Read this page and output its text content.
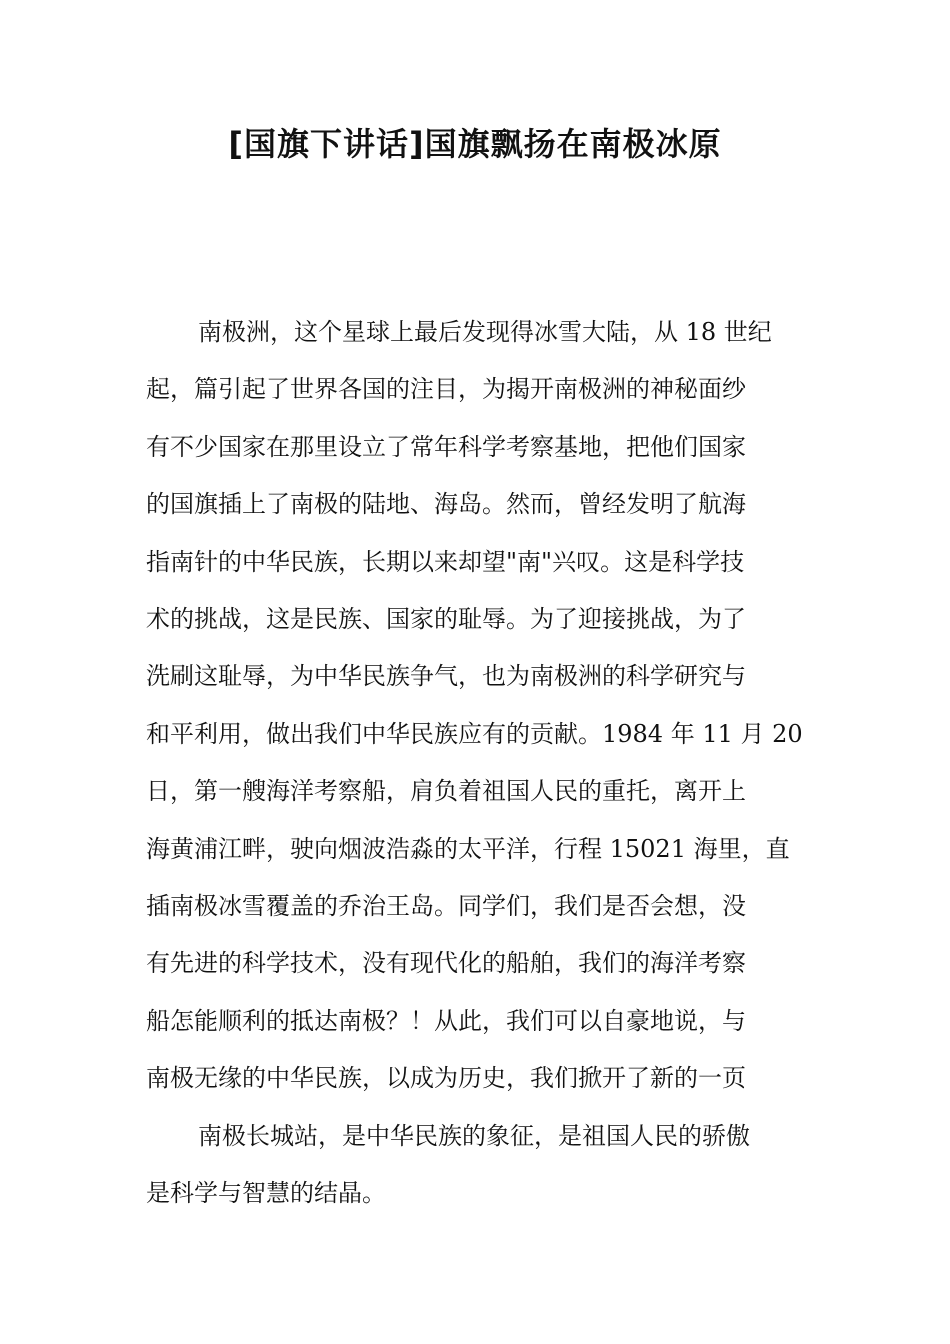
[国旗下讲话]国旗飘扬在南极冰原

南极洲，这个星球上最后发现得冰雪大陆，从 18 世纪
起，篇引起了世界各国的注目，为揭开南极洲的神秘面纱
有不少国家在那里设立了常年科学考察基地，把他们国家
的国旗插上了南极的陆地、海岛。然而，曾经发明了航海
指南针的中华民族，长期以来却望"南"兴叹。这是科学技
术的挑战，这是民族、国家的耻辱。为了迎接挑战，为了
洗刷这耻辱，为中华民族争气，也为南极洲的科学研究与
和平利用，做出我们中华民族应有的贡献。1984 年 11 月 20
日，第一艘海洋考察船，肩负着祖国人民的重托，离开上
海黄浦江畔，驶向烟波浩淼的太平洋，行程 15021 海里，直
插南极冰雪覆盖的乔治王岛。同学们，我们是否会想，没
有先进的科学技术，没有现代化的船舶，我们的海洋考察
船怎能顺利的抵达南极？！从此，我们可以自豪地说，与
南极无缘的中华民族，以成为历史，我们掀开了新的一页

南极长城站，是中华民族的象征，是祖国人民的骄傲
是科学与智慧的结晶。
